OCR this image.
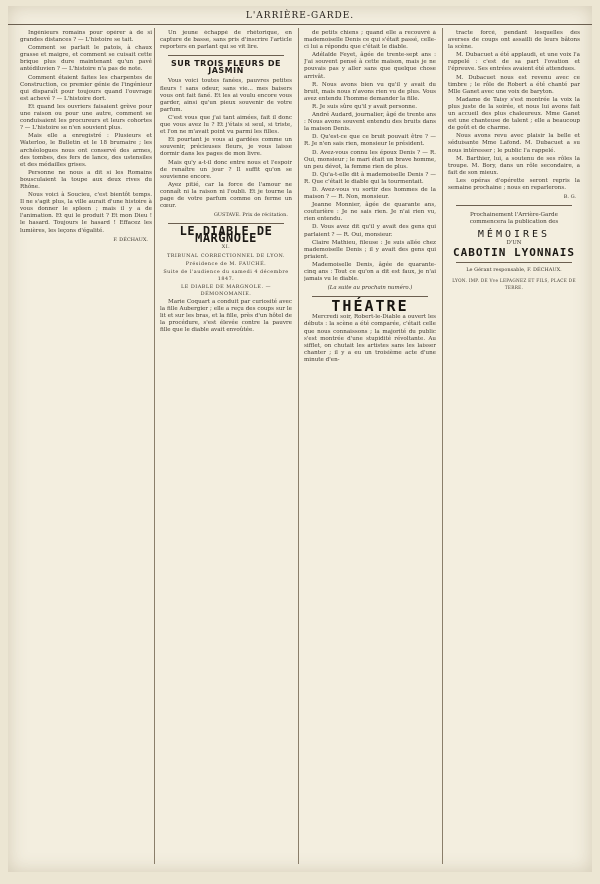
L'ARRIÈRE-GARDE.

Ingénieurs romains pour opérer à de si grandes distances ? — L'histoire se tait.

Comment se parlait le patois, à chaux grasse et maigre, et comment se cuisait cette brique plus dure maintenant qu'un pavé antédiluvien ? — L'histoire n'a pas de note.

Comment étaient faites les charpentes de Construction, ce premier génie de l'ingénieur qui disparaît pour toujours quand l'ouvrage est achevé ? — L'histoire dort.

Et quand les ouvriers faisaient grève pour une raison ou pour une autre, comment se conduisaient les procureurs et leurs cohortes ? — L'histoire se n'en souvient plus.

Mais elle a enregistré : Plusieurs et Waterloo, le Bulletin et le 18 brumaire ; les archéologues nous ont conservé des armes, des tombes, des fers de lance, des ustensiles et des médailles grises.

Personne ne nous a dit si les Romains bousculaient la toupe aux deux rives du Rhône.

Nous voici à Soucieu, c'est bientôt temps. Il ne s'agit plus, la ville aurait d'une histoire à vous donner le spleen ; mais il y a de l'animation. Et qui le produit ? Et mon Dieu ! le hasard. Toujours le hasard ! Effacez les lumières, les leçons d'égalité.

F. DÉCHAUX.

Un jeune échappé de rhétorique, en capture de basse, sans pris d'inscrire l'article reporters en parlant qui se vit lire.

SUR TROIS FLEURS DE JASMIN

Vous voici toutes fanées, pauvres petites fleurs ! sans odeur, sans vie... mes baisers vous ont fait fané. Et les ai voulu encore vous garder, ainsi qu'un pieux souvenir de votre parfum.

C'est vous que j'ai tant aimées, fait il donc que vous avez lu ? Et j'étais si seul, si triste, et l'on ne m'avait point vu parmi les filles.

Et pourtant je vous ai gardées comme un souvenir, précieuses fleurs, je vous laisse dormir dans les pages de mon livre.

Mais qu'y a-t-il donc entre nous et l'espoir de renaître un jour ? Il suffit qu'on se souvienne encore.

Ayez pitié, car la force de l'amour ne connaît ni la raison ni l'oubli. Et je tourne la page de votre parfum comme on ferme un cœur.

GUSTAVE. Prix de récitation.
LE DIABLE DE MARGNOLE
XI.
TRIBUNAL CORRECTIONNEL DE LYON.
Présidence de M. FAUCHÉ.
Suite de l'audience du samedi 4 décembre 1847.
LE DIABLE DE MARGNOLE. — DÉMONOMANIE.

Marie Coquart a conduit par curiosité avec la fille Aubergier ; elle a reçu des coups sur le lit et sur les bras, et la fille, près d'un hôtel de la procédure, s'est élevée contre la pauvre fille que le diable avait envoûtée.

de petits chiens ; quand elle a recouvré à mademoiselle Denis ce qui s'était passé, celle-ci lui a répondu que c'était le diable.

Adélaïde Feyet, âgée de trente-sept ans : J'ai souvent pensé à cette maison, mais je ne pouvais pas y aller sans que quelque chose arrivât.

R. Nous avons bien vu qu'il y avait du bruit, mais nous n'avons rien vu de plus. Vous avez entendu l'homme demander la fille.

R. Je suis sûre qu'il y avait personne.

André Audard, journalier, âgé de trente ans : Nous avons souvent entendu des bruits dans la maison Denis.

D. Qu'est-ce que ce bruit pouvait être ? — R. Je n'en sais rien, monsieur le président.

D. Avez-vous connu les époux Denis ? — R. Oui, monsieur ; le mari était un brave homme, un peu dévot, la femme rien de plus.

D. Qu'a-t-elle dit à mademoiselle Denis ? — R. Que c'était le diable qui la tourmentait.

D. Avez-vous vu sortir des hommes de la maison ? — R. Non, monsieur.

Jeanne Monnier, âgée de quarante ans, couturière : Je ne sais rien. Je n'ai rien vu, rien entendu.

D. Vous avez dit qu'il y avait des gens qui parlaient ? — R. Oui, monsieur.

Claire Mathieu, fileuse : Je suis allée chez mademoiselle Denis ; il y avait des gens qui priaient.

Mademoiselle Denis, âgée de quarante-cinq ans : Tout ce qu'on a dit est faux, je n'ai jamais vu le diable.

(La suite au prochain numéro.)
THÉATRE

Mercredi soir, Robert-le-Diable a ouvert les débuts : la scène a été comparée, c'était celle que nous connaissons ; la majorité du public s'est montrée d'une stupidité révoltante. Au sifflet, on chutait les artistes sans les laisser chanter ; il y a eu un troisième acte d'une minute d'en-

tracte forcé, pendant lesquelles des averses de coups ont assailli de leurs bâtons la scène.

M. Dubacuet a été applaudi, et une voix l'a rappelé : c'est de sa part l'ovation et l'épreuve. Ses entrées avaient été attendues.

M. Dubacuet nous est revenu avec ce timbre ; le rôle de Robert a été chanté par Mlle Ganet avec une voix de baryton.

Madame de Taisy s'est montrée la voix la plus juste de la soirée, et nous lui avons fait un accueil des plus chaleureux. Mme Ganet est une chanteuse de talent ; elle a beaucoup de goût et de charme.

Nous avons revu avec plaisir la belle et séduisante Mme Lafond. M. Dubacuet a su nous intéresser ; le public l'a rappelé.

M. Barthier, lui, a soutenu de ses rôles la troupe. M. Bory, dans un rôle secondaire, a fait de son mieux.

Les opéras d'opérette seront repris la semaine prochaine ; nous en reparlerons.

B. G.
Prochainement l'Arrière-Garde commencera la publication des
MÉMOIRES
D'UN
CABOTIN LYONNAIS
Le Gérant responsable, F. DÉCHAUX.
LYON. IMP. DE Vve LEPAGNEZ ET FILS, PLACE DE TERRE.
